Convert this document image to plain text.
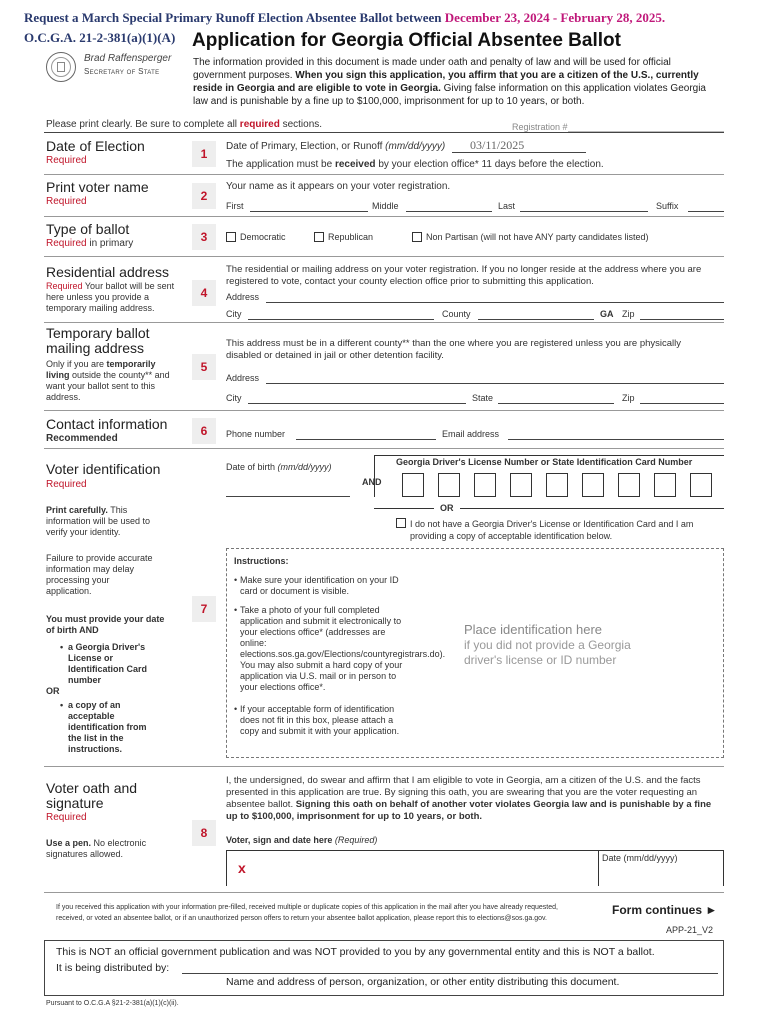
Request a March Special Primary Runoff Election Absentee Ballot between December 23, 2024 - February 28, 2025.
O.C.G.A. 21-2-381(a)(1)(A) Application for Georgia Official Absentee Ballot
Brad Raffensperger
Secretary of State
The information provided in this document is made under oath and penalty of law and will be used for official government purposes. When you sign this application, you affirm that you are a citizen of the U.S., currently reside in Georgia and are eligible to vote in Georgia. Giving false information on this application violates Georgia law and is punishable by a fine up to $100,000, imprisonment for up to 10 years, or both.
Please print clearly. Be sure to complete all required sections.	Registration #
Date of Election
Required	1
Date of Primary, Election, or Runoff (mm/dd/yyyy) 03/11/2025
The application must be received by your election office* 11 days before the election.
Print voter name
Required	2
Your name as it appears on your voter registration.
First	Middle	Last	Suffix
Type of ballot
Required in primary	3	Democratic	Republican	Non Partisan (will not have ANY party candidates listed)
Residential address
Required Your ballot will be sent here unless you provide a temporary mailing address.
4
The residential or mailing address on your voter registration. If you no longer reside at the address where you are registered to vote, contact your county election office prior to submitting this application.
Address
City	County	GA Zip
Temporary ballot mailing address
Only if you are temporarily living outside the county** and want your ballot sent to this address.
5
This address must be in a different county** than the one where you are registered unless you are physically disabled or detained in jail or other detention facility.
Address
City	State	Zip
Contact information
Recommended
6	Phone number	Email address
Voter identification
Required
Print carefully. This information will be used to verify your identity.
Failure to provide accurate information may delay processing your application.
You must provide your date of birth AND
• a Georgia Driver's License or Identification Card number
OR
• a copy of an acceptable identification from the list in the instructions.
7
Date of birth (mm/dd/yyyy)
AND
Georgia Driver's License Number or State Identification Card Number
OR
I do not have a Georgia Driver's License or Identification Card and I am providing a copy of acceptable identification below.
Instructions:
• Make sure your identification on your ID card or document is visible.
• Take a photo of your full completed application and submit it electronically to your elections office* (addresses are online: elections.sos.ga.gov/Elections/countyregistrars.do). You may also submit a hard copy of your application via U.S. mail or in person to your elections office*.
• If your acceptable form of identification does not fit in this box, please attach a copy and submit it with your application.
Place identification here
if you did not provide a Georgia driver's license or ID number
Voter oath and signature
Required
Use a pen. No electronic signatures allowed.
8
I, the undersigned, do swear and affirm that I am eligible to vote in Georgia, am a citizen of the U.S. and the facts presented in this application are true. By signing this oath, you are swearing that you are the voter requesting an absentee ballot. Signing this oath on behalf of another voter violates Georgia law and is punishable by a fine up to $100,000, imprisonment for up to 10 years, or both.
Voter, sign and date here (Required)
x
Date (mm/dd/yyyy)
If you received this application with your information pre-filled, received multiple or duplicate copies of this application in the mail after you have already requested, received, or voted an absentee ballot, or if an unauthorized person offers to return your absentee ballot application, please report this to elections@sos.ga.gov.
Form continues ►
APP-21_V2
This is NOT an official government publication and was NOT provided to you by any governmental entity and this is NOT a ballot.
It is being distributed by:
Name and address of person, organization, or other entity distributing this document.
Pursuant to O.C.G.A §21-2-381(a)(1)(c)(ii).
